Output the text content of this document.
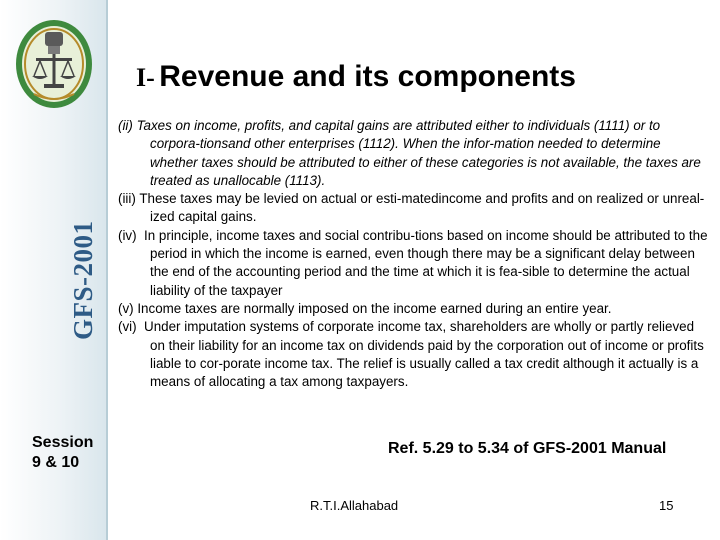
GFS-2001
Session
9 & 10
I- Revenue and its components

(ii) Taxes on income, profits, and capital gains are attributed either to individuals (1111) or to corpora-tionsand other enterprises (1112). When the infor-mation needed to determine whether taxes should be attributed to either of these categories is not available, the taxes are treated as unallocable (1113).

(iii) These taxes may be levied on actual or esti-matedincome and profits and on realized or unreal-ized capital gains.

(iv)  In principle, income taxes and social contribu-tions based on income should be attributed to the period in which the income is earned, even though there may be a significant delay between the end of the accounting period and the time at which it is fea-sible to determine the actual liability of the taxpayer

(v) Income taxes are normally imposed on the income earned during an entire year.

(vi)  Under imputation systems of corporate income tax, shareholders are wholly or partly relieved on their liability for an income tax on dividends paid by the corporation out of income or profits liable to cor-porate income tax. The relief is usually called a tax credit although it actually is a means of allocating a tax among taxpayers.

Ref. 5.29 to 5.34 of GFS-2001 Manual
R.T.I.Allahabad	15
